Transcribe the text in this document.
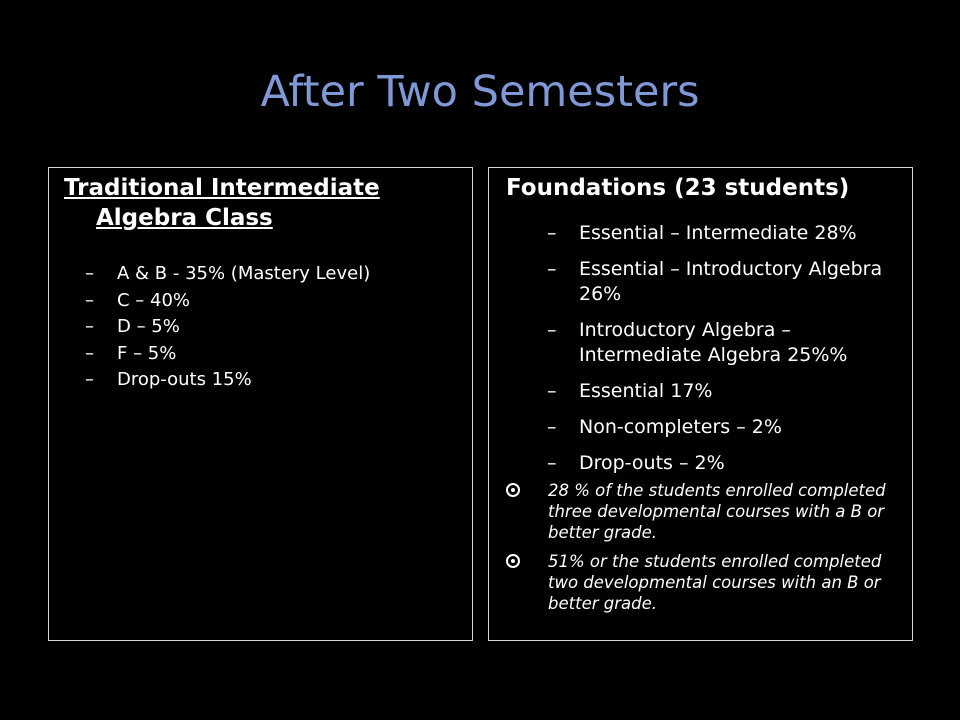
After Two Semesters
Traditional Intermediate Algebra Class
–	A & B - 35% (Mastery Level)
–	C – 40%
–	D – 5%
–	F – 5%
–	Drop-outs 15%
Foundations (23 students)
–	Essential – Intermediate 28%
–	Essential – Introductory Algebra 26%
–	Introductory Algebra – Intermediate Algebra 25%%
–	Essential 17%
–	Non-completers – 2%
–	Drop-outs – 2%
28 % of the students enrolled completed three developmental courses with a B or better grade.
51% or the students enrolled completed two developmental courses with an B or better grade.
